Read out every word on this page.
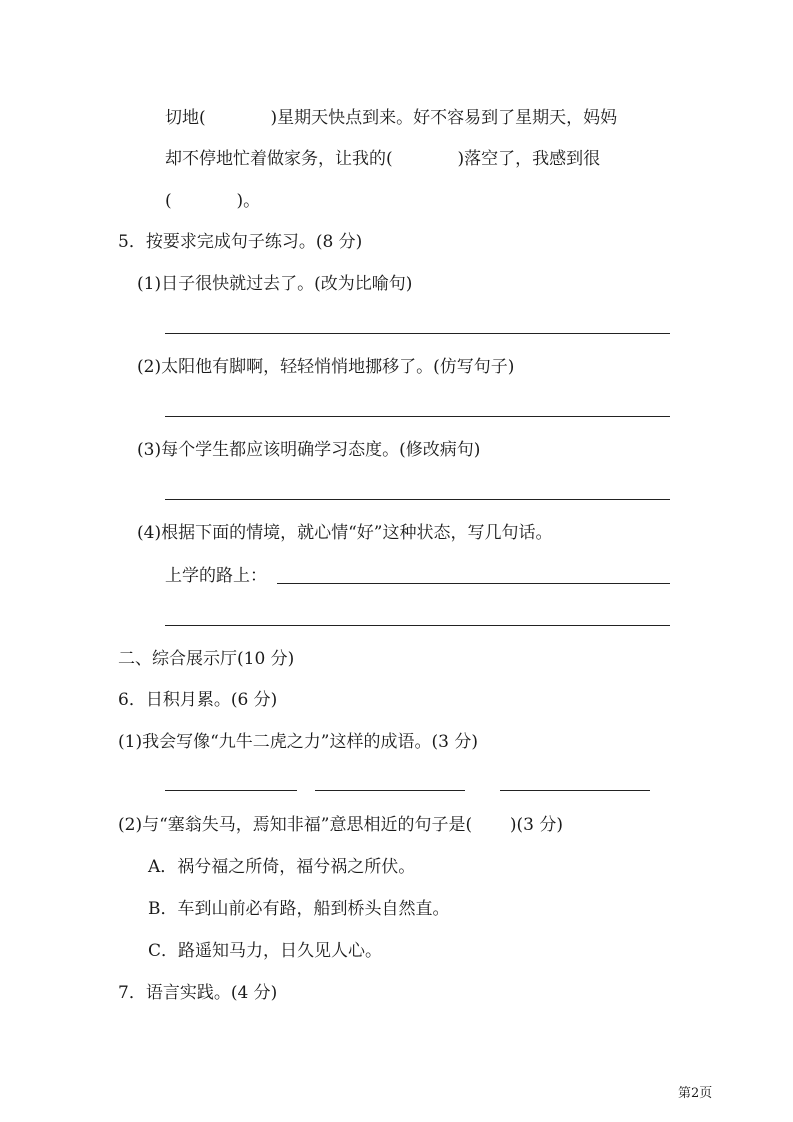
切地(            )星期天快点到来。好不容易到了星期天，妈妈
却不停地忙着做家务，让我的(            )落空了，我感到很
(            )。
5．按要求完成句子练习。(8 分)
(1)日子很快就过去了。(改为比喻句)
(2)太阳他有脚啊，轻轻悄悄地挪移了。(仿写句子)
(3)每个学生都应该明确学习态度。(修改病句)
(4)根据下面的情境，就心情“好”这种状态，写几句话。
上学的路上：
二、综合展示厅(10 分)
6．日积月累。(6 分)
(1)我会写像“九牛二虎之力”这样的成语。(3 分)
(2)与“塞翁失马，焉知非福”意思相近的句子是(       )(3 分)
A．祸兮福之所倚，福兮祸之所伏。
B．车到山前必有路，船到桥头自然直。
C．路遥知马力，日久见人心。
7．语言实践。(4 分)
第2页
